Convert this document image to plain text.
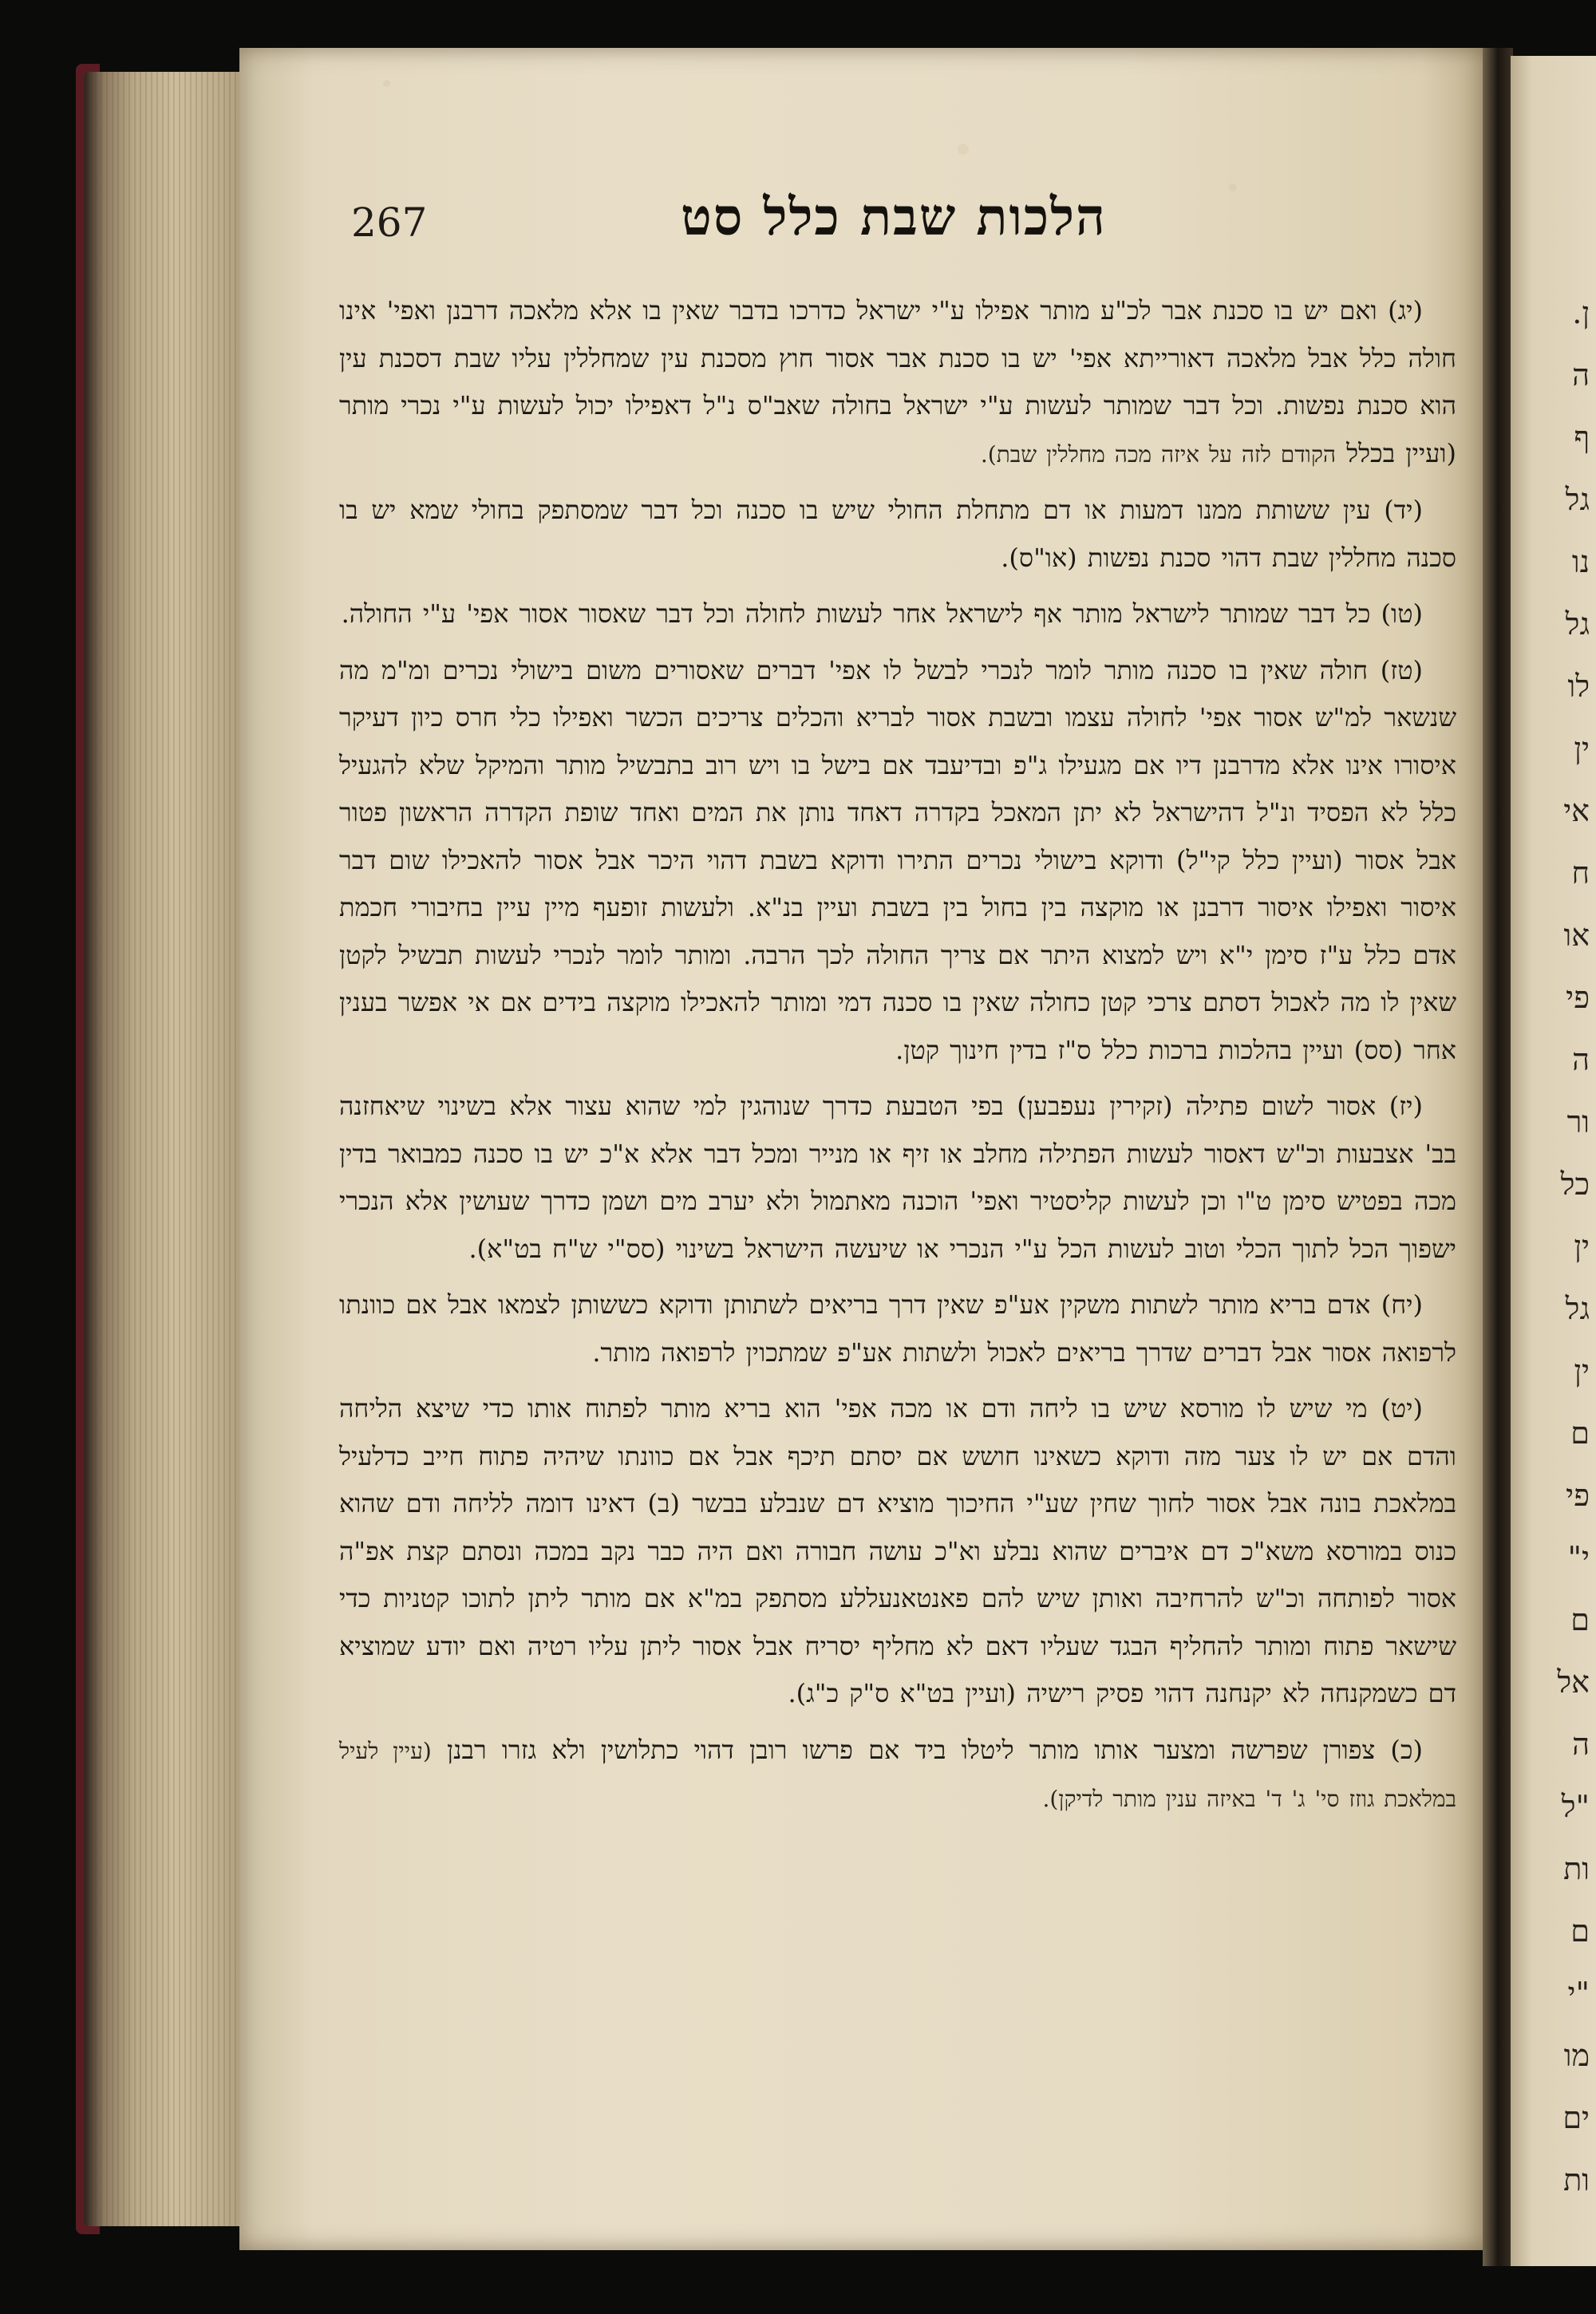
ן.
ה
ף
גל
נו
גל
לו
ין
אי
ח
או
פי
ה
ור
כל
ין
גל
ין
ם
פי
י"
ם
אל
ה
"ל
ות
ם
"י
מו
ים
ות
267	הלכות שבת כלל סט

(יג) ואם יש בו סכנת אבר לכ"ע מותר אפילו ע"י ישראל כדרכו בדבר שאין בו אלא מלאכה דרבנן ואפי' אינו חולה כלל אבל מלאכה דאורייתא אפי' יש בו סכנת אבר אסור חוץ מסכנת עין שמחללין עליו שבת דסכנת עין הוא סכנת נפשות. וכל דבר שמותר לעשות ע"י ישראל בחולה שאב"ס נ"ל דאפילו יכול לעשות ע"י נכרי מותר (ועיין בכלל הקודם לזה על איזה מכה מחללין שבת).

(יד) עין ששותת ממנו דמעות או דם מתחלת החולי שיש בו סכנה וכל דבר שמסתפק בחולי שמא יש בו סכנה מחללין שבת דהוי סכנת נפשות (או"ס).

(טו) כל דבר שמותר לישראל מותר אף לישראל אחר לעשות לחולה וכל דבר שאסור אסור אפי' ע"י החולה.

(טז) חולה שאין בו סכנה מותר לומר לנכרי לבשל לו אפי' דברים שאסורים משום בישולי נכרים ומ"מ מה שנשאר למ"ש אסור אפי' לחולה עצמו ובשבת אסור לבריא והכלים צריכים הכשר ואפילו כלי חרס כיון דעיקר איסורו אינו אלא מדרבנן דיו אם מגעילו ג"פ ובדיעבד אם בישל בו ויש רוב בתבשיל מותר והמיקל שלא להגעיל כלל לא הפסיד ונ"ל דהישראל לא יתן המאכל בקדרה דאחד נותן את המים ואחד שופת הקדרה הראשון פטור אבל אסור (ועיין כלל קי"ל) ודוקא בישולי נכרים התירו ודוקא בשבת דהוי היכר אבל אסור להאכילו שום דבר איסור ואפילו איסור דרבנן או מוקצה בין בחול בין בשבת ועיין בנ"א. ולעשות זופעף מיין עיין בחיבורי חכמת אדם כלל ע"ז סימן י"א ויש למצוא היתר אם צריך החולה לכך הרבה. ומותר לומר לנכרי לעשות תבשיל לקטן שאין לו מה לאכול דסתם צרכי קטן כחולה שאין בו סכנה דמי ומותר להאכילו מוקצה בידים אם אי אפשר בענין אחר (סס) ועיין בהלכות ברכות כלל ס"ז בדין חינוך קטן.

(יז) אסור לשום פתילה (זקירין נעפבען) בפי הטבעת כדרך שנוהגין למי שהוא עצור אלא בשינוי שיאחזנה בב' אצבעות וכ"ש דאסור לעשות הפתילה מחלב או זיף או מנייר ומכל דבר אלא א"כ יש בו סכנה כמבואר בדין מכה בפטיש סימן ט"ו וכן לעשות קליסטיר ואפי' הוכנה מאתמול ולא יערב מים ושמן כדרך שעושין אלא הנכרי ישפוך הכל לתוך הכלי וטוב לעשות הכל ע"י הנכרי או שיעשה הישראל בשינוי (סס"י ש"ח בט"א).

(יח) אדם בריא מותר לשתות משקין אע"פ שאין דרך בריאים לשתותן ודוקא כששותן לצמאו אבל אם כוונתו לרפואה אסור אבל דברים שדרך בריאים לאכול ולשתות אע"פ שמתכוין לרפואה מותר.

(יט) מי שיש לו מורסא שיש בו ליחה ודם או מכה אפי' הוא בריא מותר לפתוח אותו כדי שיצא הליחה והדם אם יש לו צער מזה ודוקא כשאינו חושש אם יסתם תיכף אבל אם כוונתו שיהיה פתוח חייב כדלעיל במלאכת בונה אבל אסור לחוך שחין שע"י החיכוך מוציא דם שנבלע בבשר (ב) דאינו דומה לליחה ודם שהוא כנוס במורסא משא"כ דם איברים שהוא נבלע וא"כ עושה חבורה ואם היה כבר נקב במכה ונסתם קצת אפ"ה אסור לפותחה וכ"ש להרחיבה ואותן שיש להם פאנטאנעללע מסתפק במ"א אם מותר ליתן לתוכו קטניות כדי שישאר פתוח ומותר להחליף הבגד שעליו דאם לא מחליף יסריח אבל אסור ליתן עליו רטיה ואם יודע שמוציא דם כשמקנחה לא יקנחנה דהוי פסיק רישיה (ועיין בט"א ס"ק כ"ג).

(כ) צפורן שפרשה ומצער אותו מותר ליטלו ביד אם פרשו רובן דהוי כתלושין ולא גזרו רבנן (עיין לעיל במלאכת גוזז סי' ג' ד' באיזה ענין מותר לדיקן).
